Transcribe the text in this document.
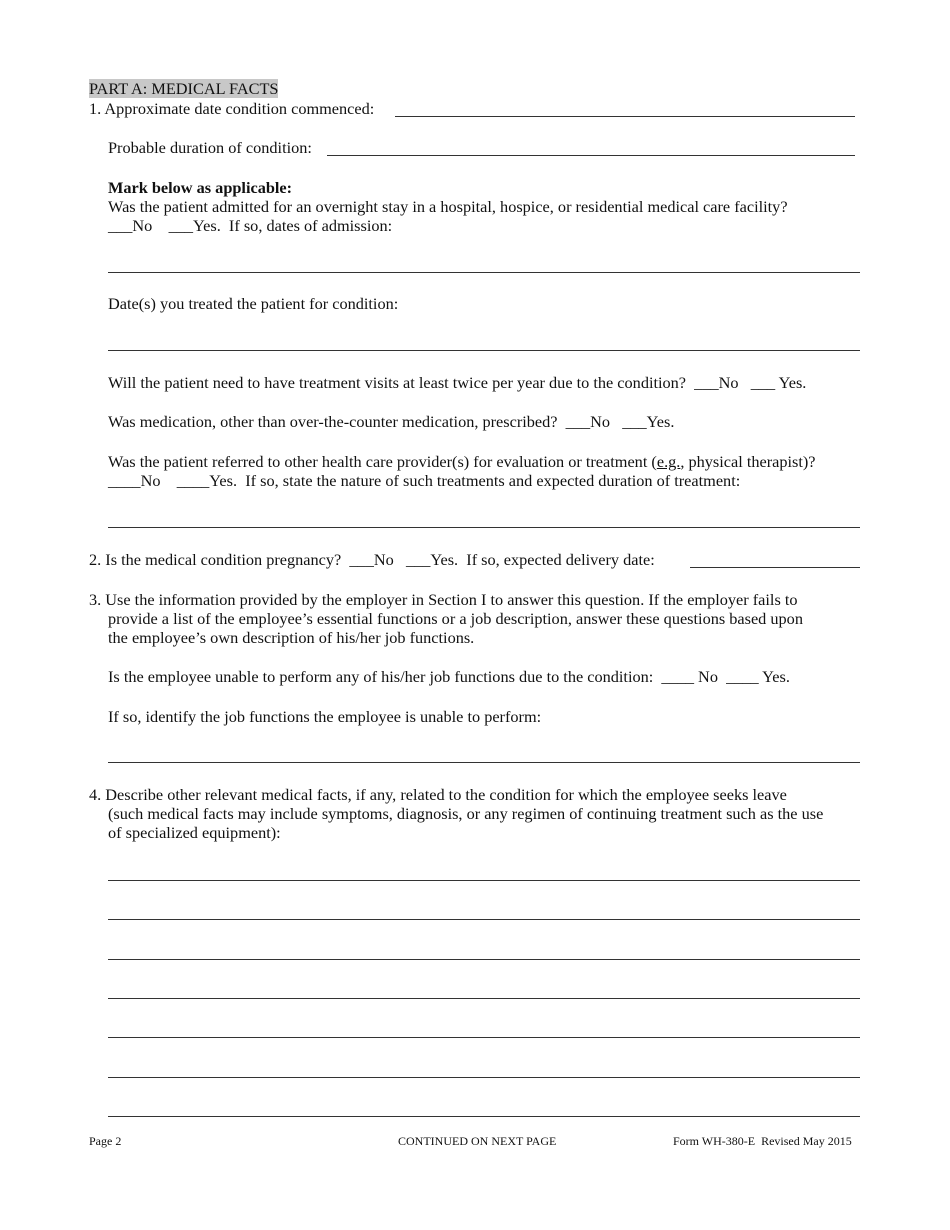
PART A: MEDICAL FACTS
1. Approximate date condition commenced:
Probable duration of condition:
Mark below as applicable:
Was the patient admitted for an overnight stay in a hospital, hospice, or residential medical care facility?
___No    ___Yes.  If so, dates of admission:
Date(s) you treated the patient for condition:
Will the patient need to have treatment visits at least twice per year due to the condition?  ___No   ___ Yes.
Was medication, other than over-the-counter medication, prescribed?  ___No   ___Yes.
Was the patient referred to other health care provider(s) for evaluation or treatment (e.g., physical therapist)?
____No    ____Yes.  If so, state the nature of such treatments and expected duration of treatment:
2. Is the medical condition pregnancy?  ___No   ___Yes.  If so, expected delivery date:
3. Use the information provided by the employer in Section I to answer this question. If the employer fails to
provide a list of the employee’s essential functions or a job description, answer these questions based upon
the employee’s own description of his/her job functions.
Is the employee unable to perform any of his/her job functions due to the condition:  ____ No  ____ Yes.
If so, identify the job functions the employee is unable to perform:
4. Describe other relevant medical facts, if any, related to the condition for which the employee seeks leave
(such medical facts may include symptoms, diagnosis, or any regimen of continuing treatment such as the use
of specialized equipment):
Page 2	CONTINUED ON NEXT PAGE	Form WH-380-E  Revised May 2015
